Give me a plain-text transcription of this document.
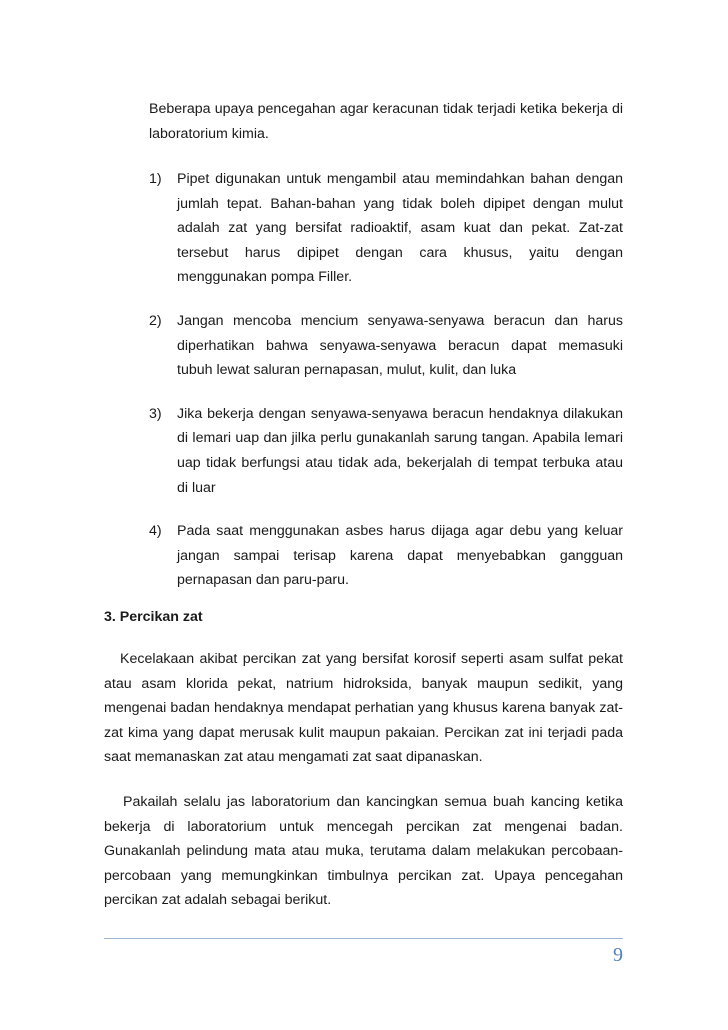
Beberapa upaya pencegahan agar keracunan tidak terjadi ketika bekerja di laboratorium kimia.

1) Pipet digunakan untuk mengambil atau memindahkan bahan dengan jumlah tepat. Bahan-bahan yang tidak boleh dipipet dengan mulut adalah zat yang bersifat radioaktif, asam kuat dan pekat. Zat-zat tersebut harus dipipet dengan cara khusus, yaitu dengan menggunakan pompa Filler.
2) Jangan mencoba mencium senyawa-senyawa beracun dan harus diperhatikan bahwa senyawa-senyawa beracun dapat memasuki tubuh lewat saluran pernapasan, mulut, kulit, dan luka
3) Jika bekerja dengan senyawa-senyawa beracun hendaknya dilakukan di lemari uap dan jilka perlu gunakanlah sarung tangan. Apabila lemari uap tidak berfungsi atau tidak ada, bekerjalah di tempat terbuka atau di luar
4) Pada saat menggunakan asbes harus dijaga agar debu yang keluar jangan sampai terisap karena dapat menyebabkan gangguan pernapasan dan paru-paru.
3. Percikan zat

Kecelakaan akibat percikan zat yang bersifat korosif seperti asam sulfat pekat atau asam klorida pekat, natrium hidroksida, banyak maupun sedikit, yang mengenai badan hendaknya mendapat perhatian yang khusus karena banyak zat-zat kima yang dapat merusak kulit maupun pakaian. Percikan zat ini terjadi pada saat memanaskan zat atau mengamati zat saat dipanaskan.

Pakailah selalu jas laboratorium dan kancingkan semua buah kancing ketika bekerja di laboratorium untuk mencegah percikan zat mengenai badan. Gunakanlah pelindung mata atau muka, terutama dalam melakukan percobaan-percobaan yang memungkinkan timbulnya percikan zat. Upaya pencegahan percikan zat adalah sebagai berikut.

9
